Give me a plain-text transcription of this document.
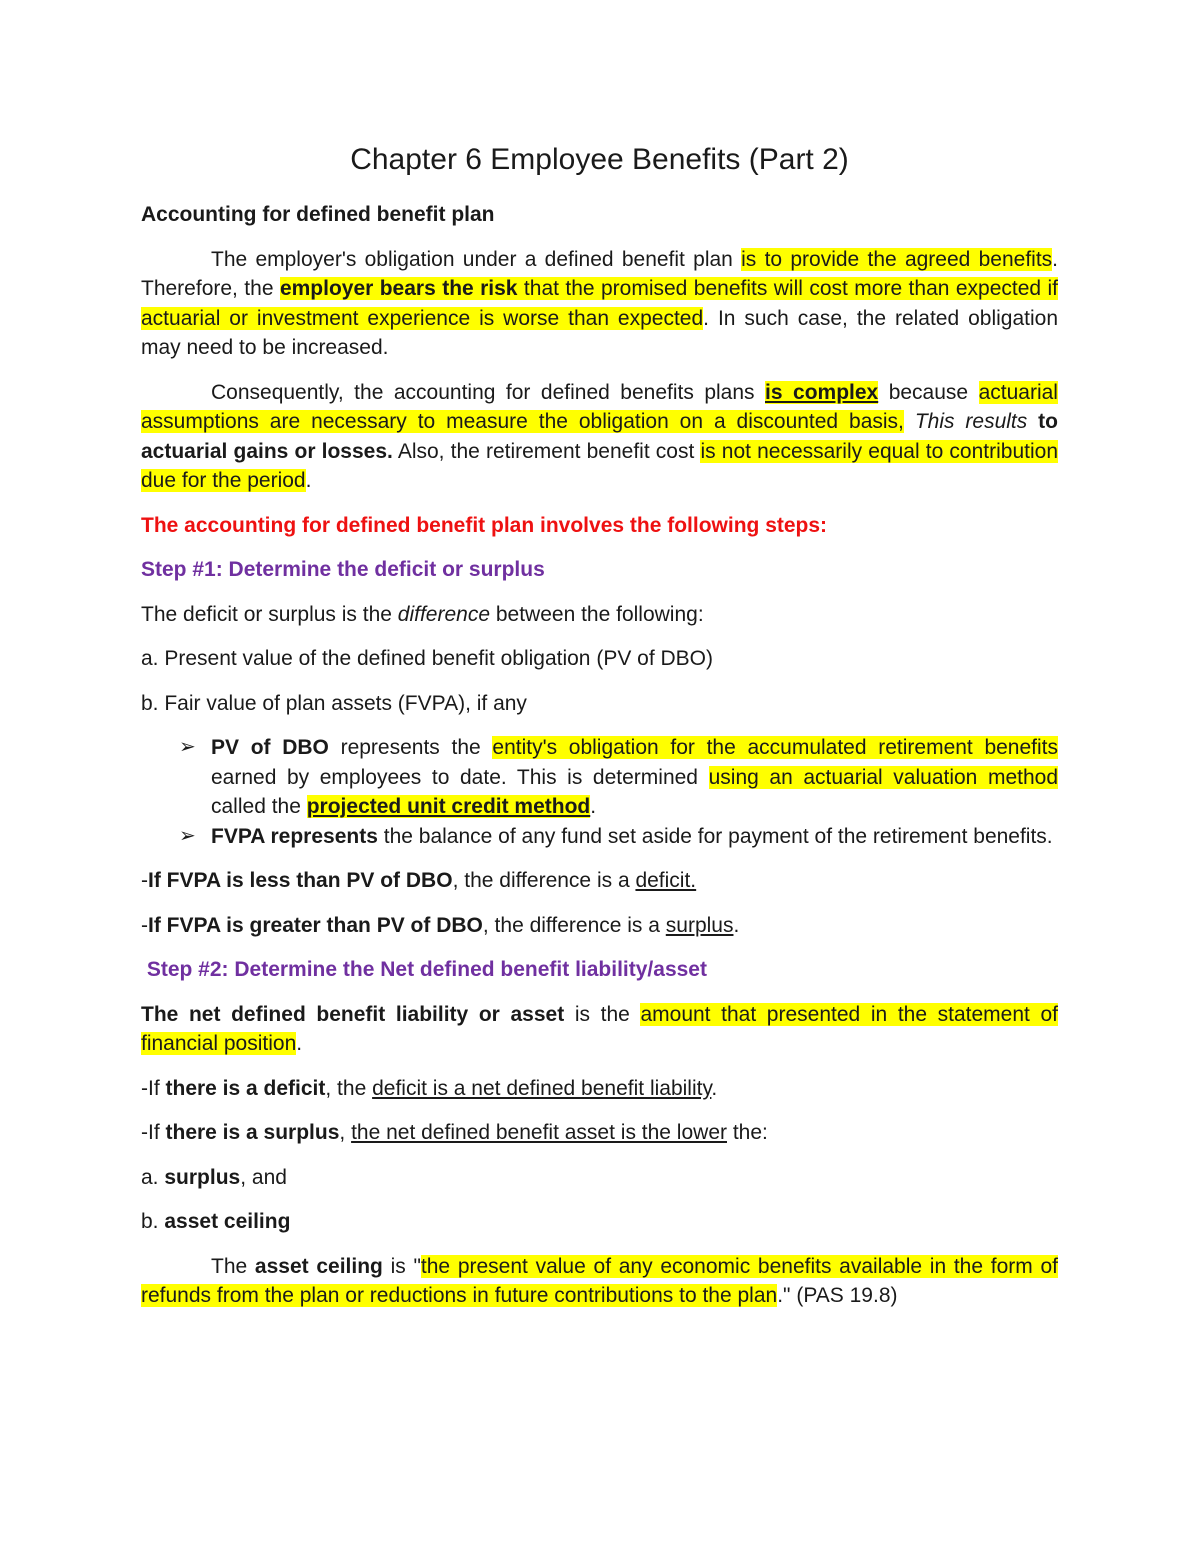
Chapter 6 Employee Benefits (Part 2)

Accounting for defined benefit plan

The employer's obligation under a defined benefit plan is to provide the agreed benefits. Therefore, the employer bears the risk that the promised benefits will cost more than expected if actuarial or investment experience is worse than expected. In such case, the related obligation may need to be increased.

Consequently, the accounting for defined benefits plans is complex because actuarial assumptions are necessary to measure the obligation on a discounted basis, This results to actuarial gains or losses. Also, the retirement benefit cost is not necessarily equal to contribution due for the period.

The accounting for defined benefit plan involves the following steps:

Step #1: Determine the deficit or surplus

The deficit or surplus is the difference between the following:

a. Present value of the defined benefit obligation (PV of DBO)

b. Fair value of plan assets (FVPA), if any

➢ PV of DBO represents the entity's obligation for the accumulated retirement benefits earned by employees to date. This is determined using an actuarial valuation method called the projected unit credit method.
➢ FVPA represents the balance of any fund set aside for payment of the retirement benefits.

-If FVPA is less than PV of DBO, the difference is a deficit.

-If FVPA is greater than PV of DBO, the difference is a surplus.

Step #2: Determine the Net defined benefit liability/asset

The net defined benefit liability or asset is the amount that presented in the statement of financial position.

-If there is a deficit, the deficit is a net defined benefit liability.

-If there is a surplus, the net defined benefit asset is the lower the:

a. surplus, and

b. asset ceiling

The asset ceiling is "the present value of any economic benefits available in the form of refunds from the plan or reductions in future contributions to the plan." (PAS 19.8)
